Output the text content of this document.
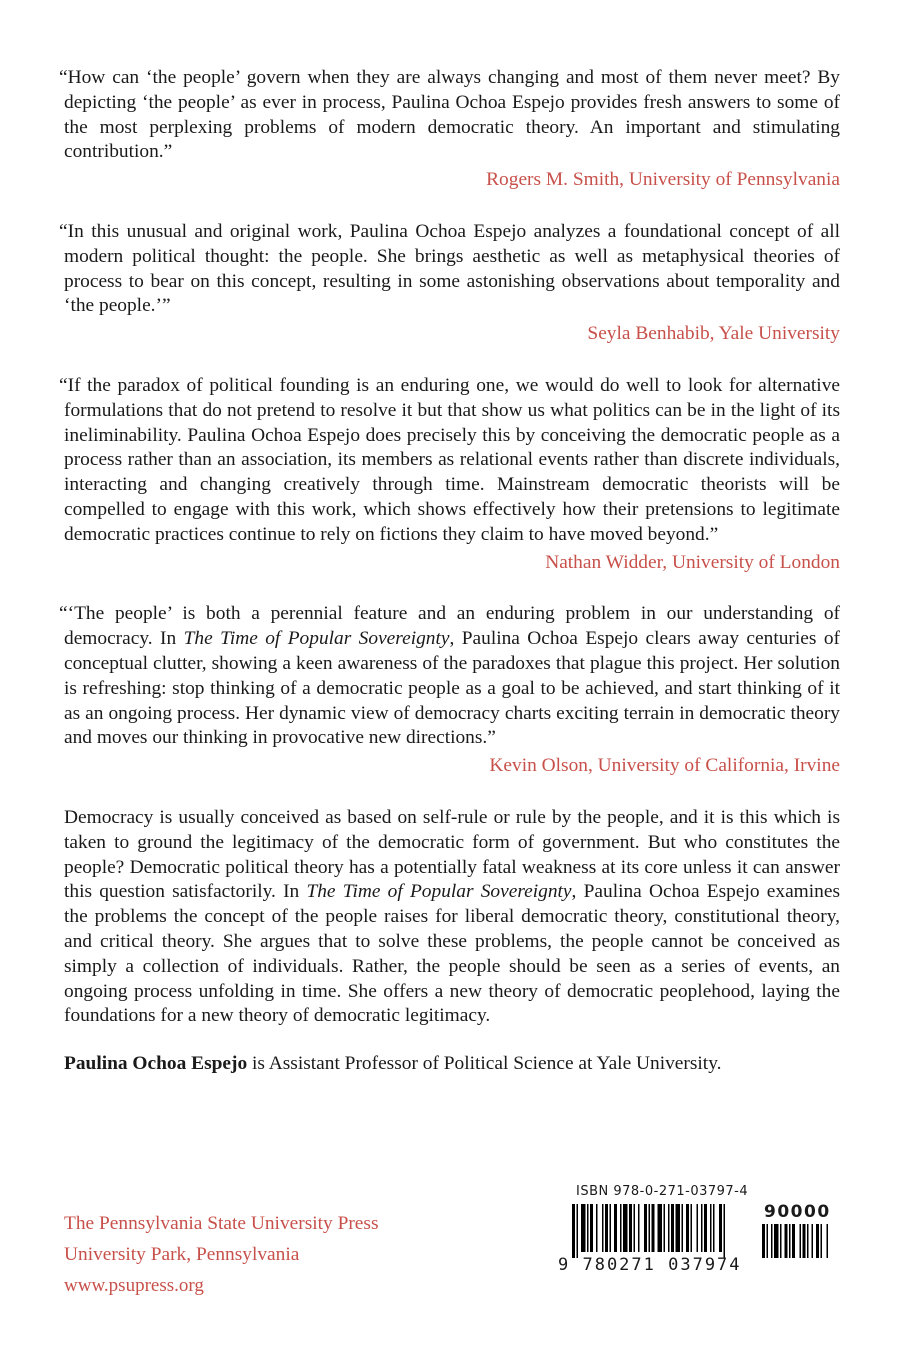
“How can ‘the people’ govern when they are always changing and most of them never meet? By depicting ‘the people’ as ever in process, Paulina Ochoa Espejo provides fresh answers to some of the most perplexing problems of modern democratic theory. An important and stimulating contribution.”

Rogers M. Smith, University of Pennsylvania

“In this unusual and original work, Paulina Ochoa Espejo analyzes a foundational concept of all modern political thought: the people. She brings aesthetic as well as metaphysical theories of process to bear on this concept, resulting in some astonishing observations about temporality and ‘the people.’”

Seyla Benhabib, Yale University

“If the paradox of political founding is an enduring one, we would do well to look for alternative formulations that do not pretend to resolve it but that show us what politics can be in the light of its ineliminability. Paulina Ochoa Espejo does precisely this by conceiving the democratic people as a process rather than an association, its members as relational events rather than discrete individuals, interacting and changing creatively through time. Mainstream democratic theorists will be compelled to engage with this work, which shows effectively how their pretensions to legitimate democratic practices continue to rely on fictions they claim to have moved beyond.”

Nathan Widder, University of London

“‘The people’ is both a perennial feature and an enduring problem in our understanding of democracy. In The Time of Popular Sovereignty, Paulina Ochoa Espejo clears away centuries of conceptual clutter, showing a keen awareness of the paradoxes that plague this project. Her solution is refreshing: stop thinking of a democratic people as a goal to be achieved, and start thinking of it as an ongoing process. Her dynamic view of democracy charts exciting terrain in democratic theory and moves our thinking in provocative new directions.”

Kevin Olson, University of California, Irvine

Democracy is usually conceived as based on self-rule or rule by the people, and it is this which is taken to ground the legitimacy of the democratic form of government. But who constitutes the people? Democratic political theory has a potentially fatal weakness at its core unless it can answer this question satisfactorily. In The Time of Popular Sovereignty, Paulina Ochoa Espejo examines the problems the concept of the people raises for liberal democratic theory, constitutional theory, and critical theory. She argues that to solve these problems, the people cannot be conceived as simply a collection of individuals. Rather, the people should be seen as a series of events, an ongoing process unfolding in time. She offers a new theory of democratic peoplehood, laying the foundations for a new theory of democratic legitimacy.

Paulina Ochoa Espejo is Assistant Professor of Political Science at Yale University.

The Pennsylvania State University Press
University Park, Pennsylvania
www.psupress.org
ISBN 978-0-271-03797-4
90000
9 780271 037974
